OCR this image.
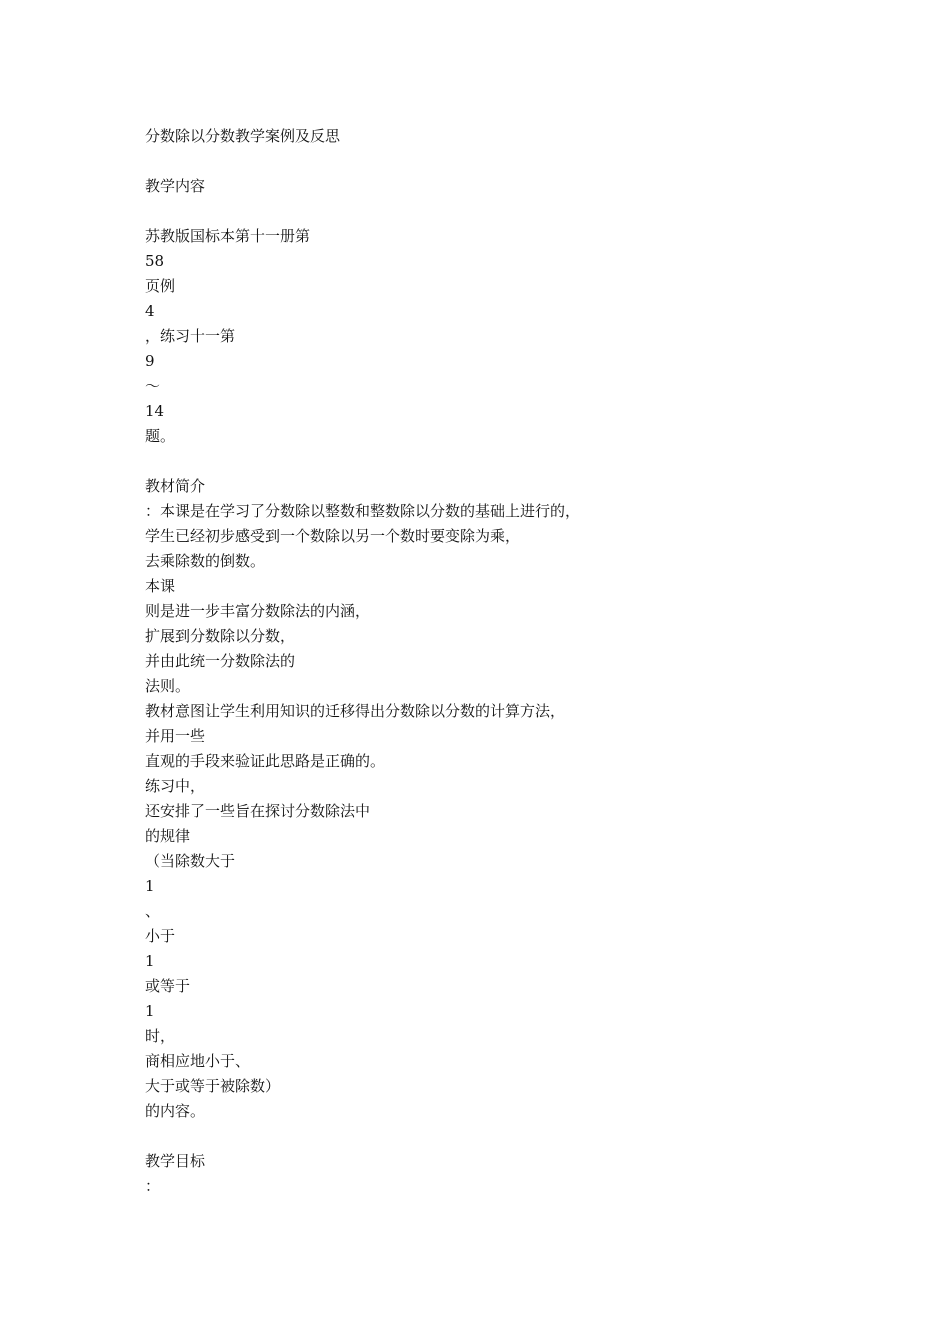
分数除以分数教学案例及反思
教学内容
苏教版国标本第十一册第
58
页例
4
，练习十一第
9
～
14
题。
教材简介
：本课是在学习了分数除以整数和整数除以分数的基础上进行的，
学生已经初步感受到一个数除以另一个数时要变除为乘，
去乘除数的倒数。
本课
则是进一步丰富分数除法的内涵，
扩展到分数除以分数，
并由此统一分数除法的
法则。
教材意图让学生利用知识的迁移得出分数除以分数的计算方法，
并用一些
直观的手段来验证此思路是正确的。
练习中，
还安排了一些旨在探讨分数除法中
的规律
（当除数大于
1
、
小于
1
或等于
1
时，
商相应地小于、
大于或等于被除数）
的内容。
教学目标
：
